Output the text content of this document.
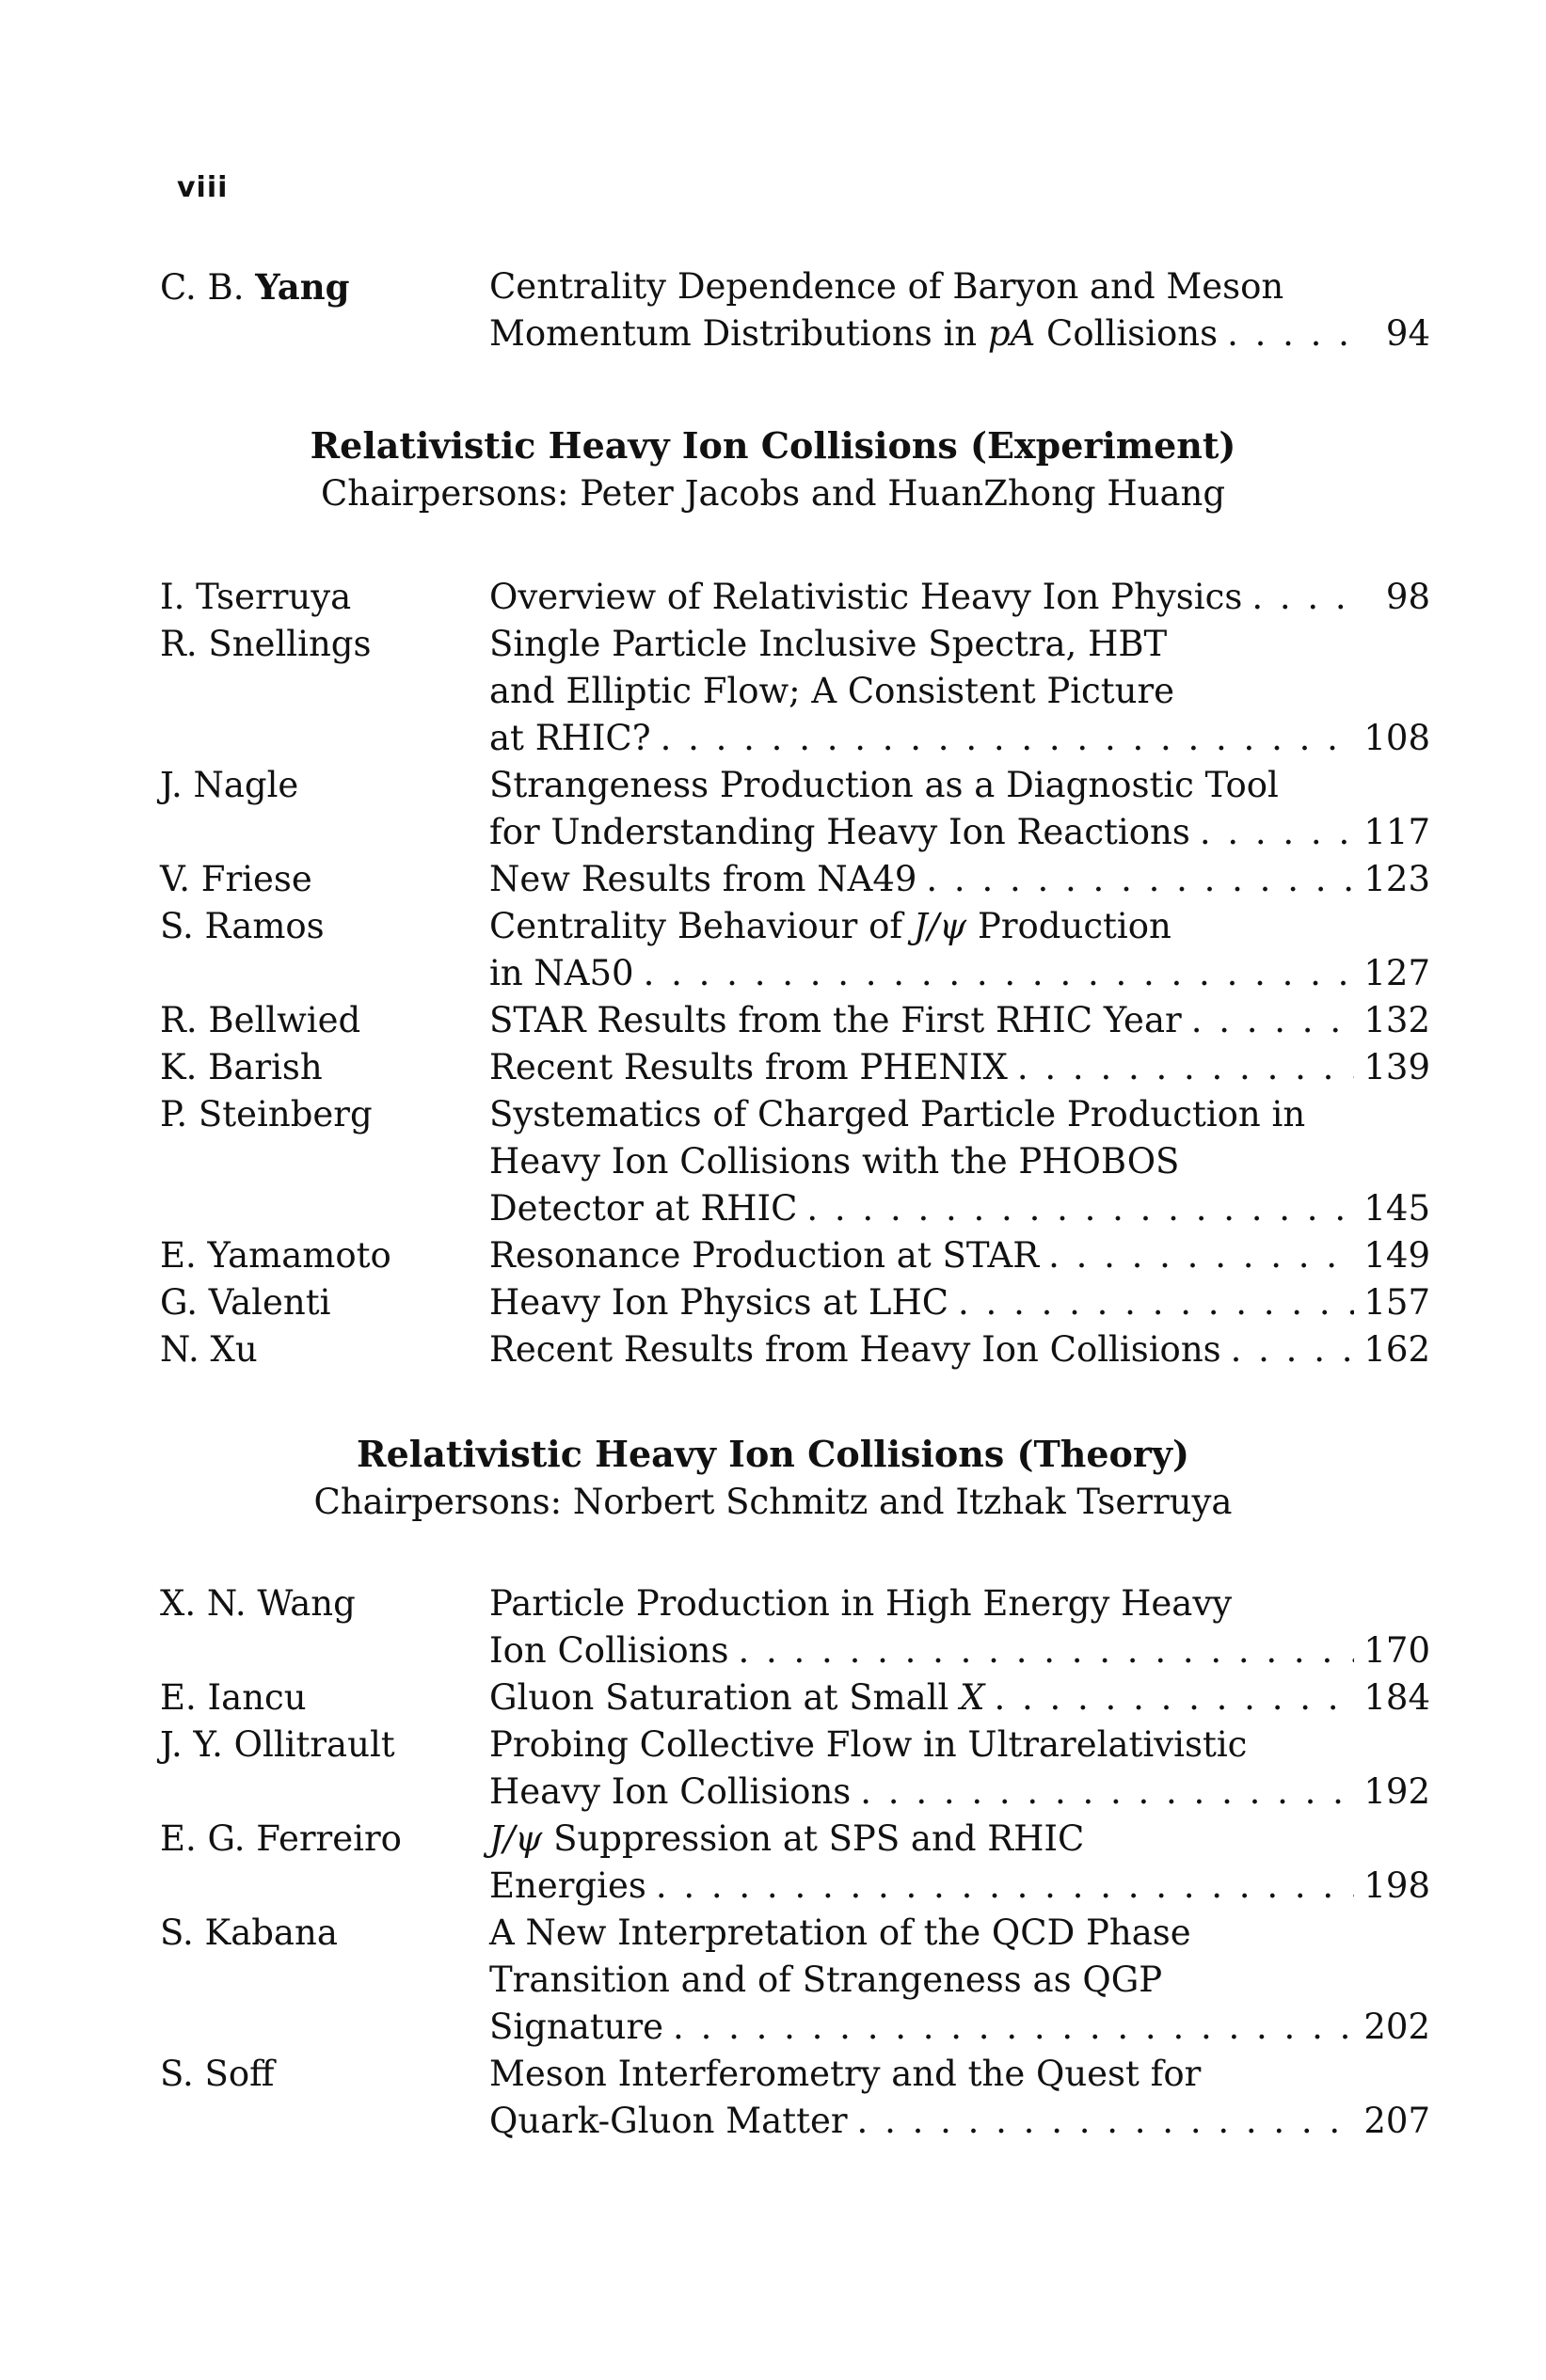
viii
C. B. Yang	Centrality Dependence of Baryon and Meson
Momentum Distributions in pA Collisions . . .	94
Relativistic Heavy Ion Collisions (Experiment)
Chairpersons: Peter Jacobs and HuanZhong Huang
I. Tserruya	Overview of Relativistic Heavy Ion Physics . . .	98
R. Snellings	Single Particle Inclusive Spectra, HBT
and Elliptic Flow; A Consistent Picture
at RHIC? . . .	108
J. Nagle	Strangeness Production as a Diagnostic Tool
for Understanding Heavy Ion Reactions . . .	117
V. Friese	New Results from NA49 . . .	123
S. Ramos	Centrality Behaviour of J/ψ Production
in NA50 . . .	127
R. Bellwied	STAR Results from the First RHIC Year . . .	132
K. Barish	Recent Results from PHENIX . . .	139
P. Steinberg	Systematics of Charged Particle Production in
Heavy Ion Collisions with the PHOBOS
Detector at RHIC . . .	145
E. Yamamoto	Resonance Production at STAR . . .	149
G. Valenti	Heavy Ion Physics at LHC . . .	157
N. Xu	Recent Results from Heavy Ion Collisions . . .	162
Relativistic Heavy Ion Collisions (Theory)
Chairpersons: Norbert Schmitz and Itzhak Tserruya
X. N. Wang	Particle Production in High Energy Heavy
Ion Collisions . . .	170
E. Iancu	Gluon Saturation at Small X . . .	184
J. Y. Ollitrault	Probing Collective Flow in Ultrarelativistic
Heavy Ion Collisions . . .	192
E. G. Ferreiro	J/ψ Suppression at SPS and RHIC
Energies . . .	198
S. Kabana	A New Interpretation of the QCD Phase
Transition and of Strangeness as QGP
Signature . . .	202
S. Soff	Meson Interferometry and the Quest for
Quark-Gluon Matter . . .	207
